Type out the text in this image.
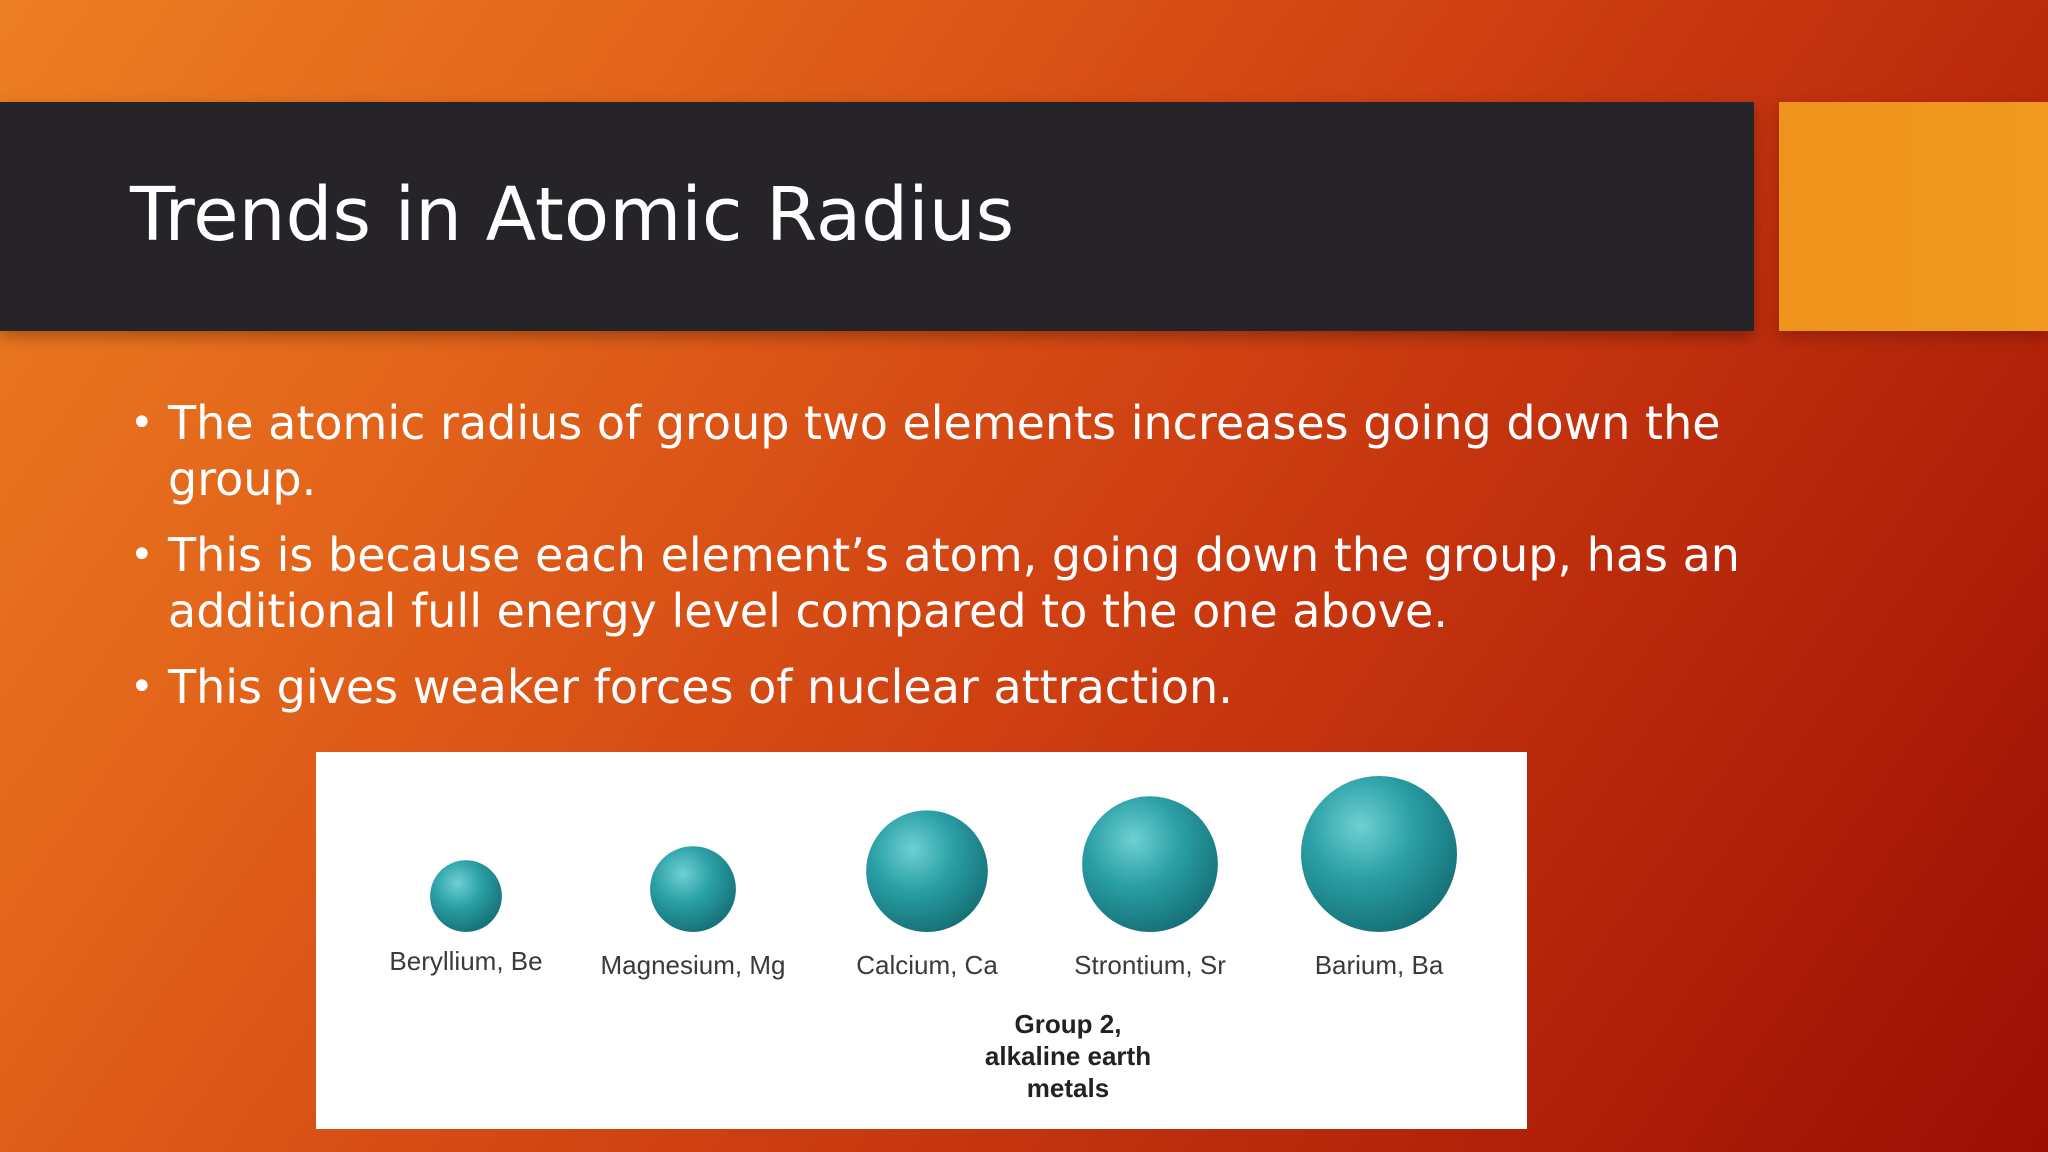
Trends in Atomic Radius
• The atomic radius of group two elements increases going down the group.
• This is because each element’s atom, going down the group, has an additional full energy level compared to the one above.
• This gives weaker forces of nuclear attraction.
Group 2,
alkaline earth
metals
Beryllium, Be	Magnesium, Mg	Calcium, Ca	Strontium, Sr	Barium, Ba
